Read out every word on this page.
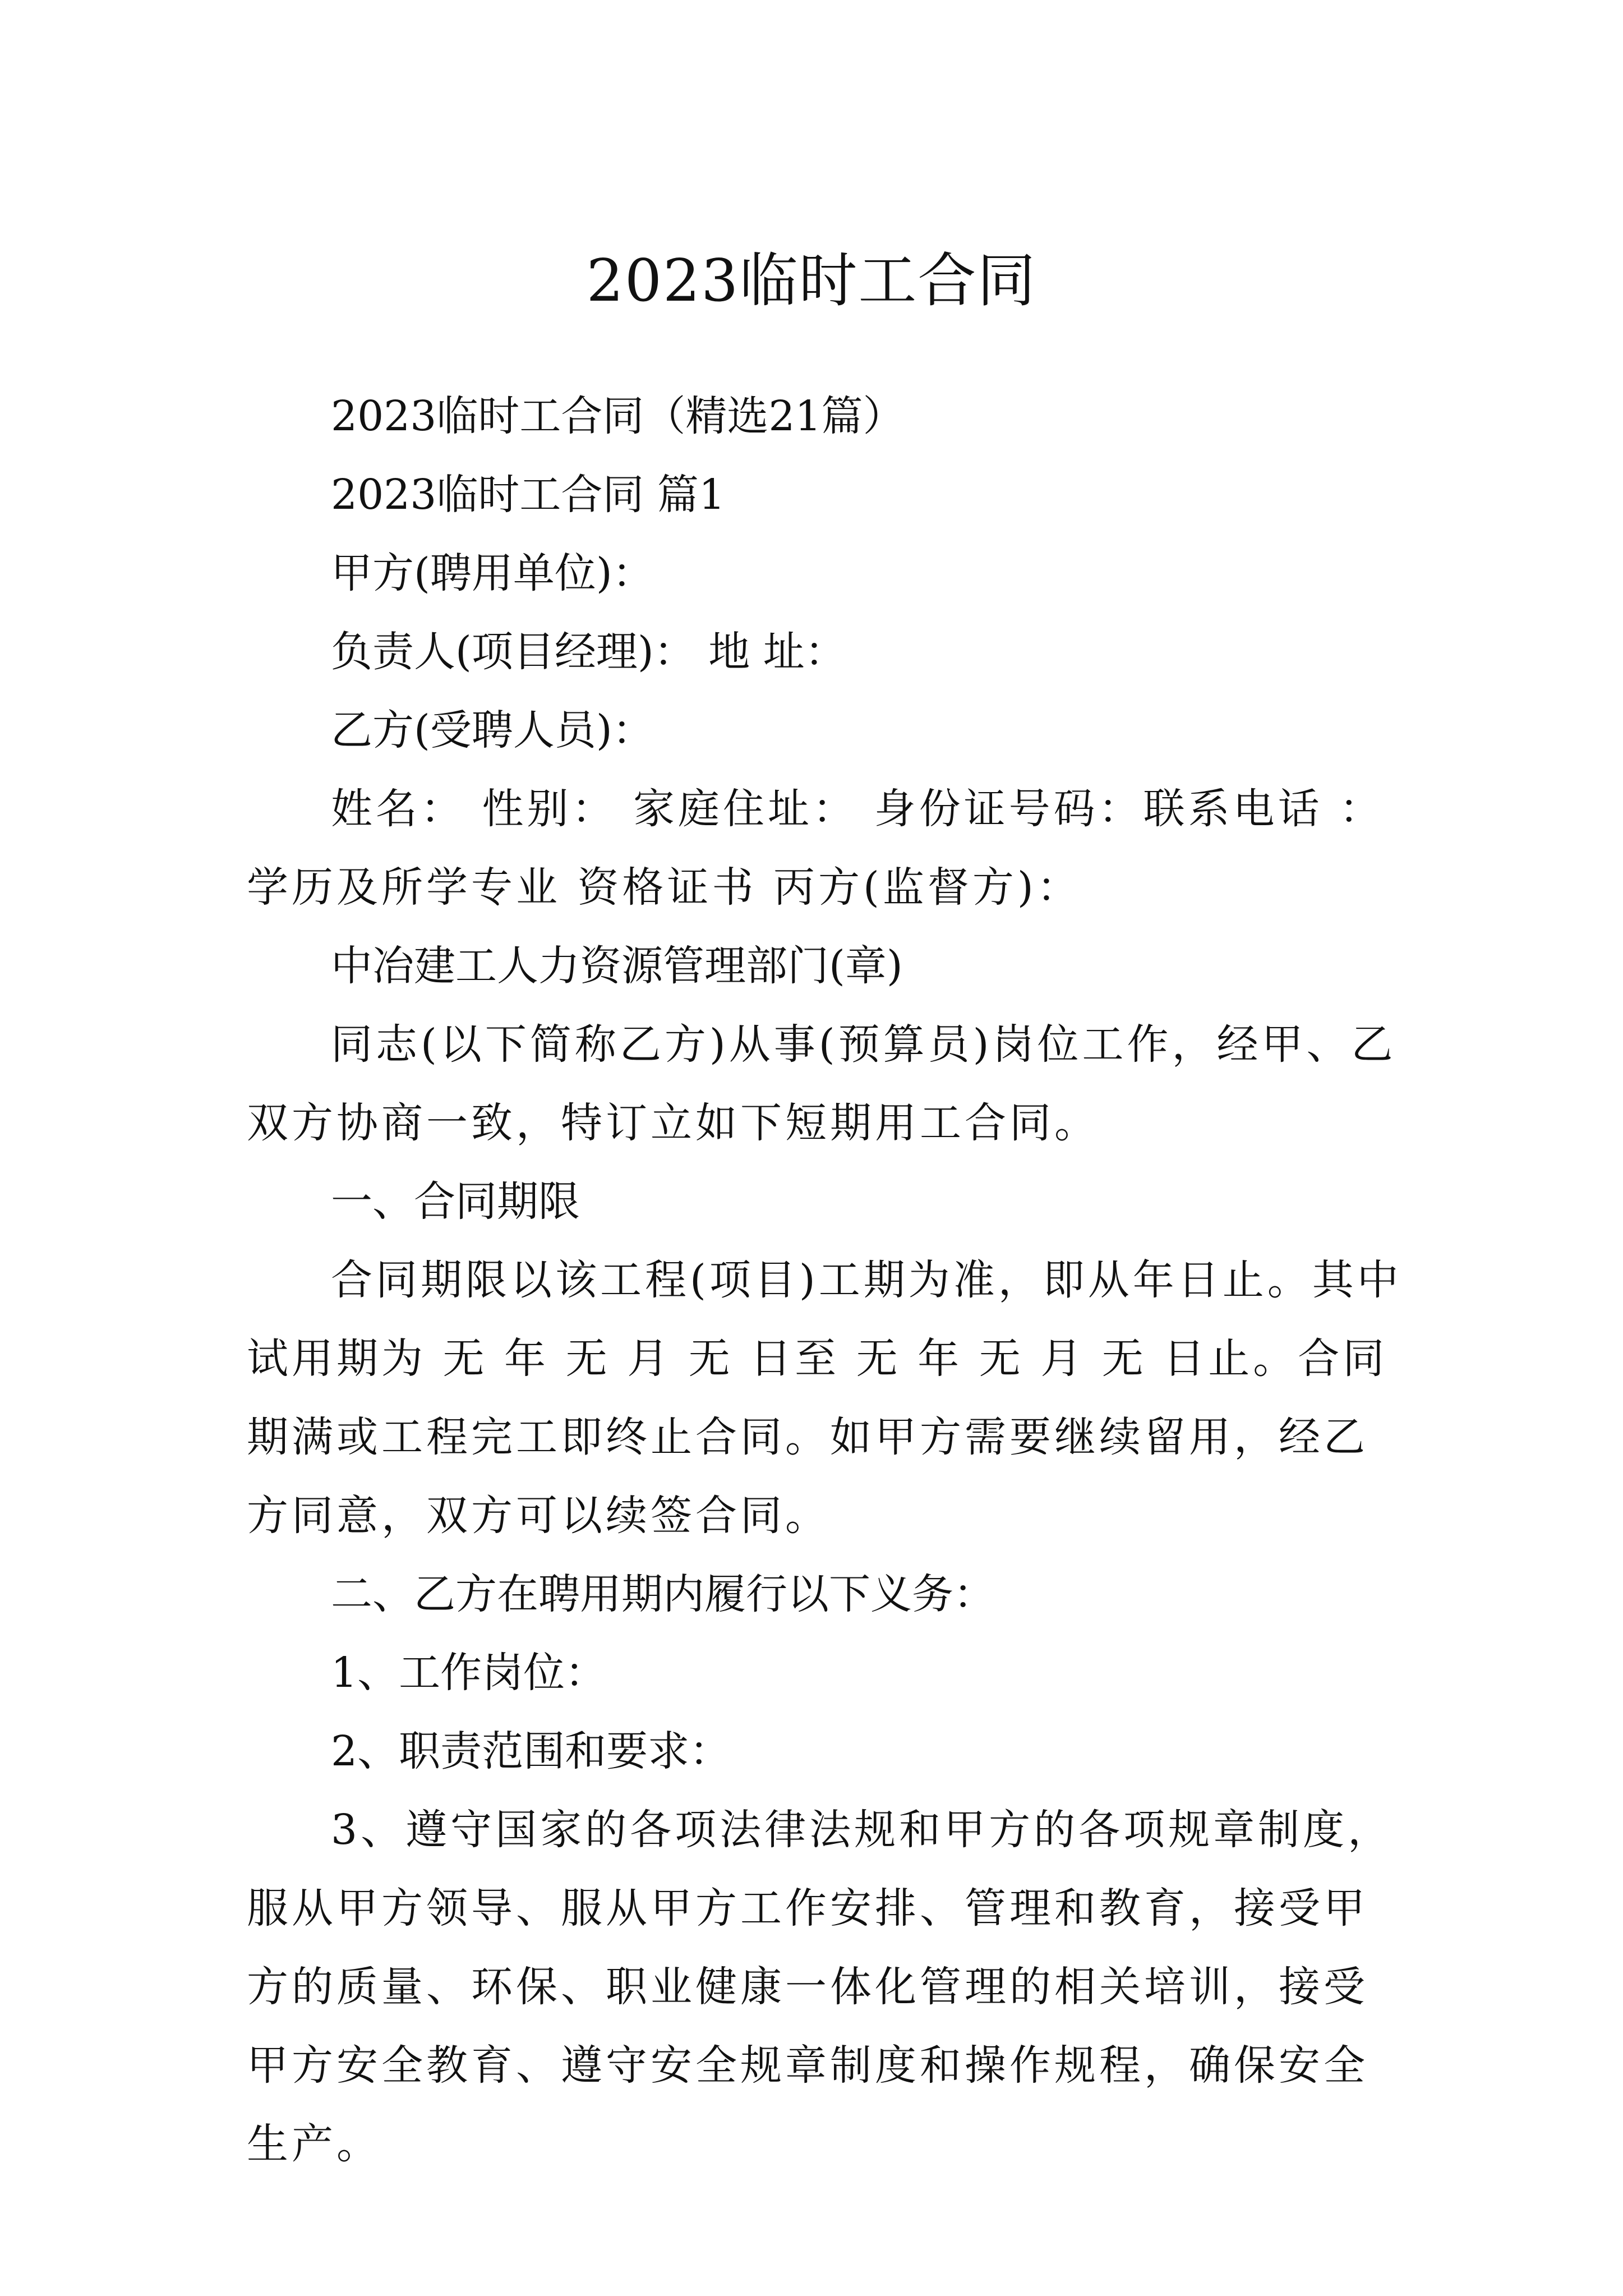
2023临时工合同

2023临时工合同（精选21篇）

2023临时工合同 篇1

甲方(聘用单位)：

负责人(项目经理)： 地 址：

乙方(受聘人员)：

姓名： 性别： 家庭住址： 身份证号码：联系电话 ：学历及所学专业 资格证书 丙方(监督方)：

中冶建工人力资源管理部门(章)

同志(以下简称乙方)从事(预算员)岗位工作，经甲、乙双方协商一致，特订立如下短期用工合同。

一、合同期限

合同期限以该工程(项目)工期为准，即从年日止。其中试用期为 无 年 无 月 无 日至 无 年 无 月 无 日止。合同期满或工程完工即终止合同。如甲方需要继续留用，经乙方同意，双方可以续签合同。

二、乙方在聘用期内履行以下义务：

1、工作岗位：

2、职责范围和要求：

3、遵守国家的各项法律法规和甲方的各项规章制度，服从甲方领导、服从甲方工作安排、管理和教育，接受甲方的质量、环保、职业健康一体化管理的相关培训，接受甲方安全教育、遵守安全规章制度和操作规程，确保安全生产。
